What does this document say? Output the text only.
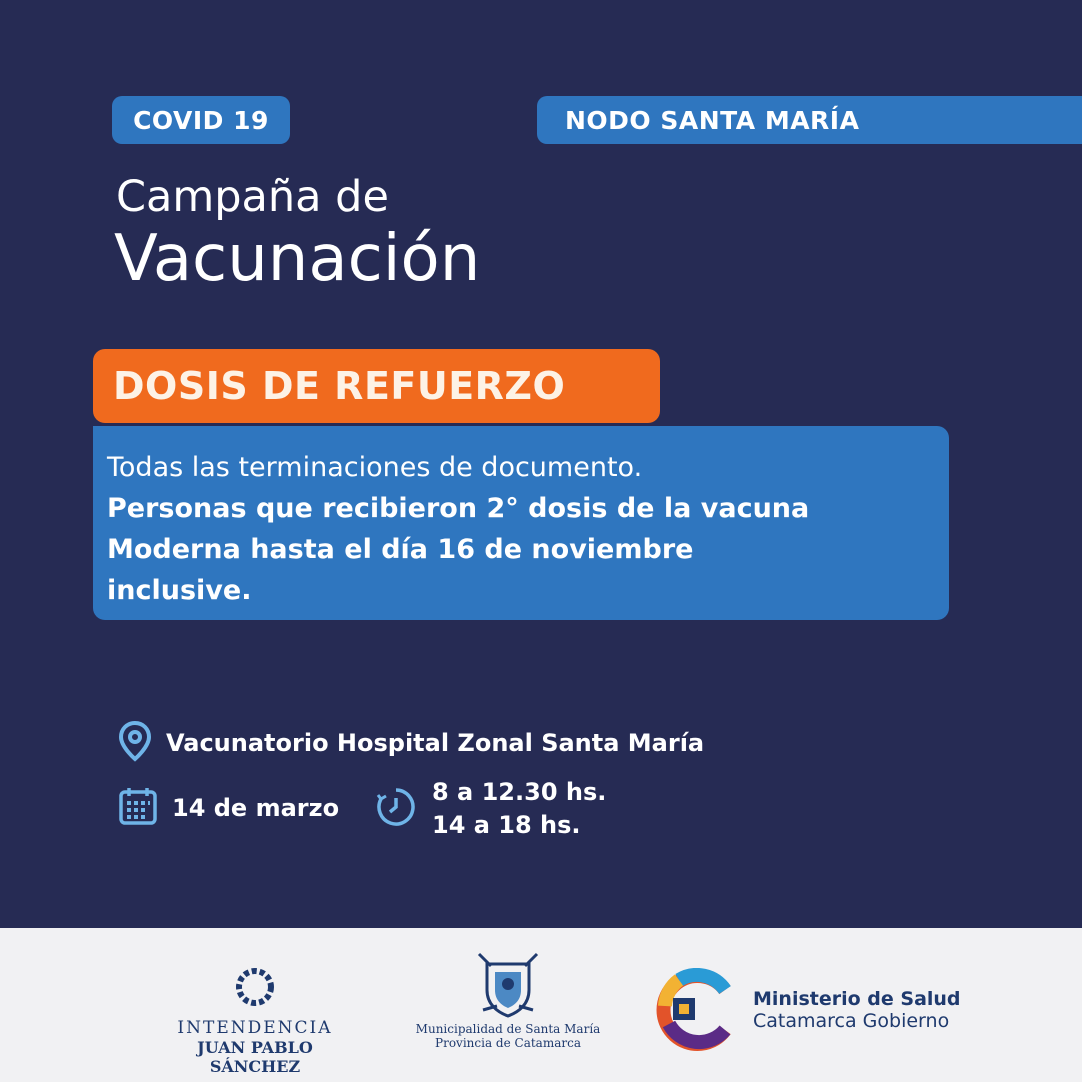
COVID 19	NODO SANTA MARÍA
Campaña de
Vacunación
DOSIS DE REFUERZO
Todas las terminaciones de documento.
Personas que recibieron 2° dosis de la vacuna
Moderna hasta el día 16 de noviembre
inclusive.
Vacunatorio Hospital Zonal Santa María
14 de marzo
8 a 12.30 hs.
14 a 18 hs.
INTENDENCIA
JUAN PABLO SÁNCHEZ
Municipalidad de Santa María
Provincia de Catamarca
Ministerio de Salud
Catamarca Gobierno
